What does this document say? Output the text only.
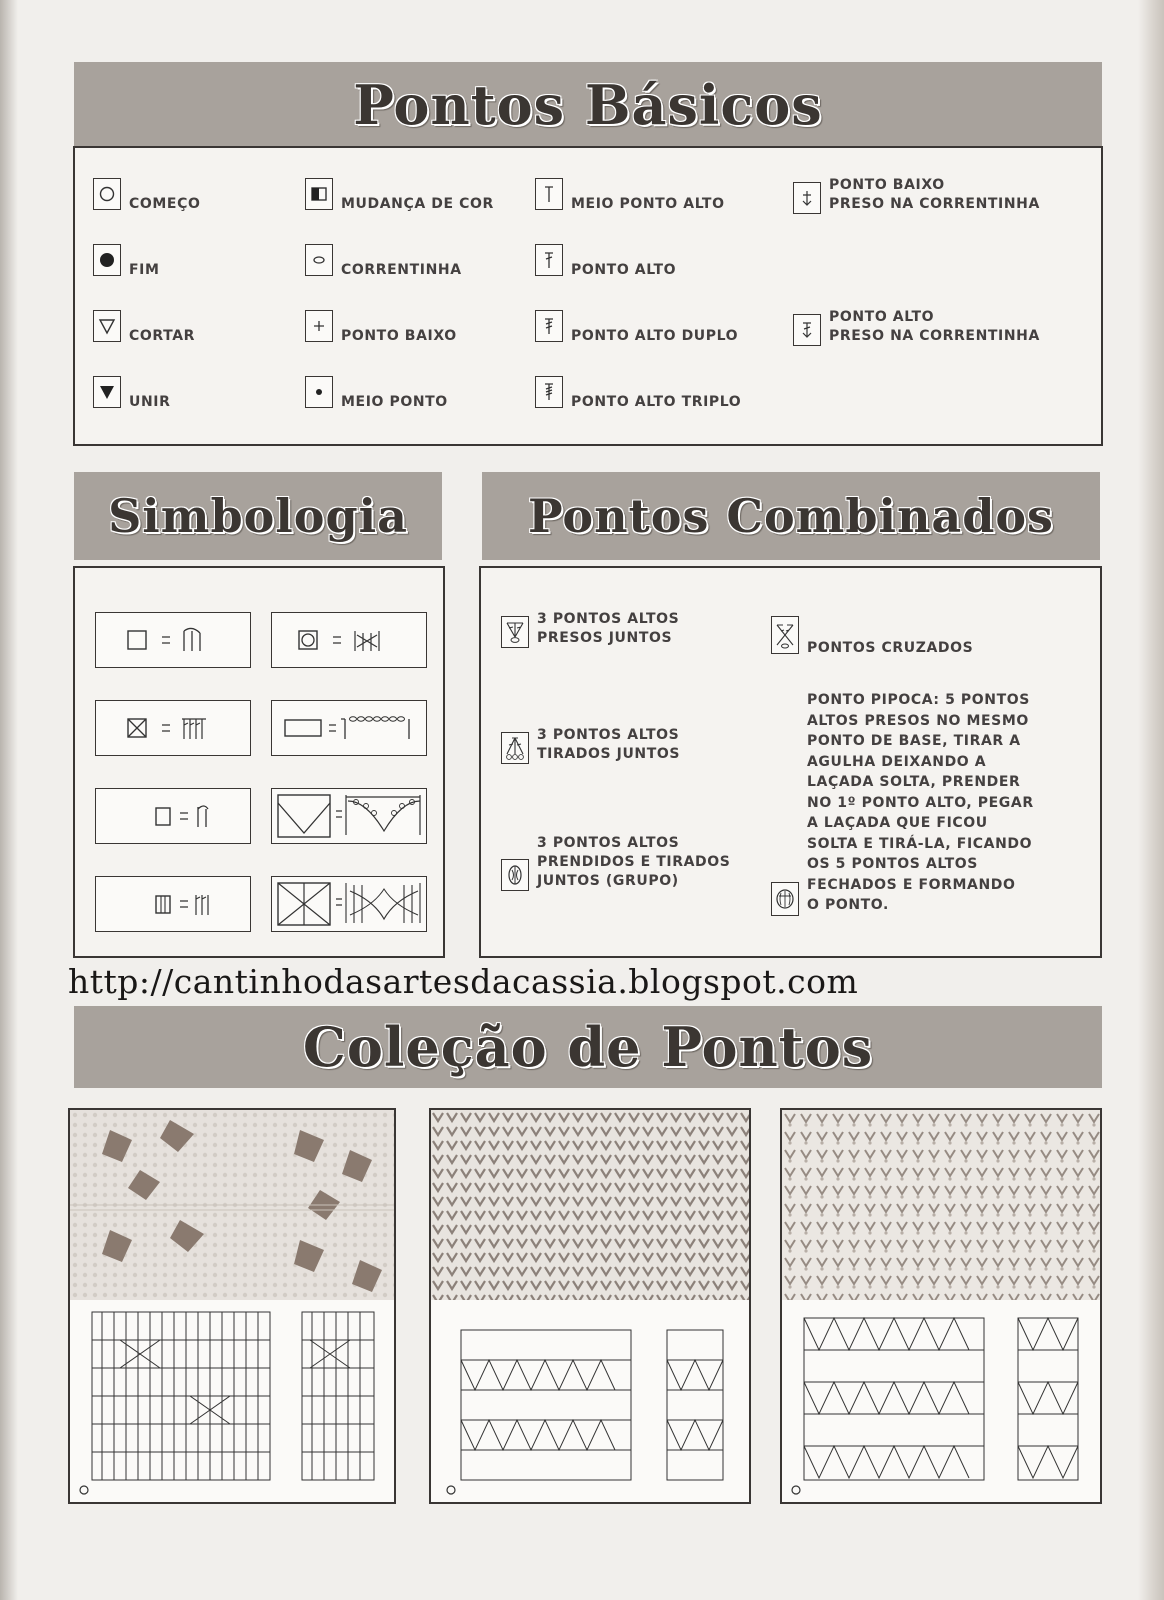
Pontos Básicos
COMEÇO
FIM
CORTAR
UNIR
MUDANÇA DE COR
CORRENTINHA
PONTO BAIXO
MEIO PONTO
MEIO PONTO ALTO
PONTO ALTO
PONTO ALTO DUPLO
PONTO ALTO TRIPLO
PONTO BAIXO
PRESO NA CORRENTINHA
PONTO ALTO
PRESO NA CORRENTINHA
Simbologia	Pontos Combinados
3 PONTOS ALTOS
PRESOS JUNTOS
3 PONTOS ALTOS
TIRADOS JUNTOS
3 PONTOS ALTOS
PRENDIDOS E TIRADOS
JUNTOS (GRUPO)
PONTOS CRUZADOS
PONTO PIPOCA: 5 PONTOS
ALTOS PRESOS NO MESMO
PONTO DE BASE, TIRAR A
AGULHA DEIXANDO A
LAÇADA SOLTA, PRENDER
NO 1º PONTO ALTO, PEGAR
A LAÇADA QUE FICOU
SOLTA E TIRÁ-LA, FICANDO
OS 5 PONTOS ALTOS
FECHADOS E FORMANDO
O PONTO.
http://cantinhodasartesdacassia.blogspot.com
Coleção de Pontos
